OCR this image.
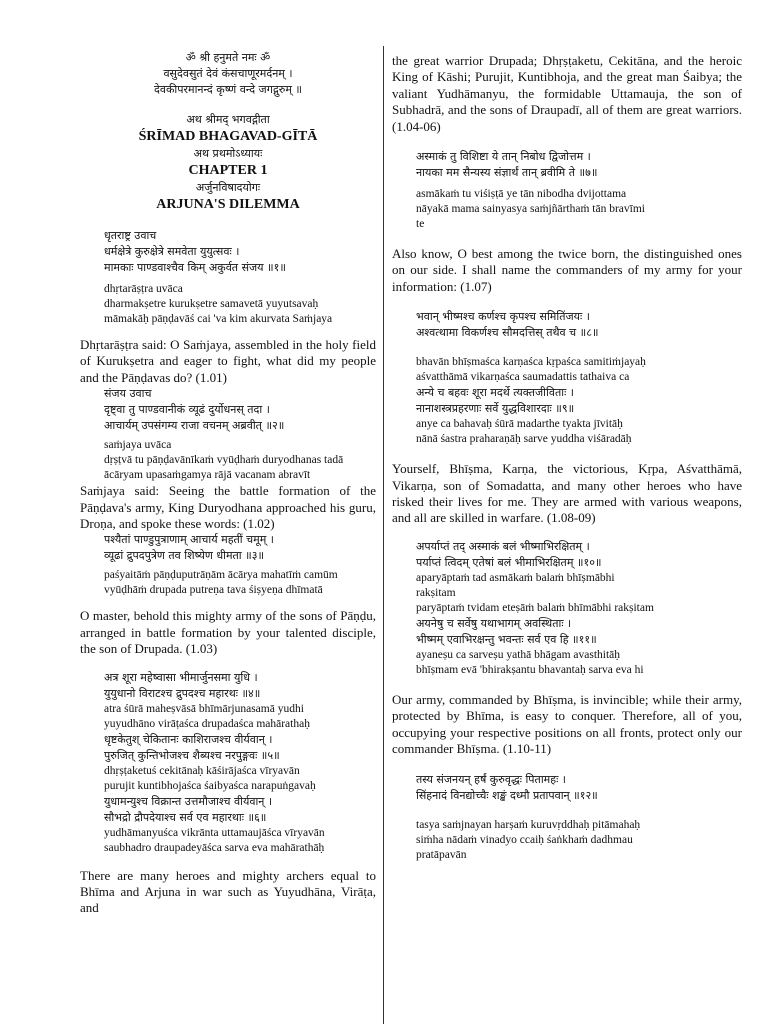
ॐ श्री हनुमते नमः ॐ
वसुदेवसुतं देवं कंसचाणूरमर्दनम् ।
देवकीपरमानन्दं कृष्णं वन्दे जगद्गुरुम् ॥
अथ श्रीमद् भगवद्गीता
ŚRĪMAD BHAGAVAD-GĪTĀ
अथ प्रथमोऽध्यायः
CHAPTER 1
अर्जुनविषादयोगः
ARJUNA'S DILEMMA
धृतराष्ट्र उवाच
धर्मक्षेत्रे कुरुक्षेत्रे समवेता युयुत्सवः ।
मामकाः पाण्डवाश्चैव किम् अकुर्वत संजय ॥१॥
dhṛtarāṣṭra uvāca
dharmakṣetre kurukṣetre samavetā yuyutsavaḥ
māmakāḥ pāṇḍavāś cai 'va kim akurvata Saṁjaya

Dhṛtarāṣṭra said: O Saṁjaya, assembled in the holy field of Kurukṣetra and eager to fight, what did my people and the Pāṇḍavas do? (1.01)

संजय उवाच
दृष्ट्वा तु पाण्डवानीकं व्यूढं दुर्योधनस् तदा ।
आचार्यम् उपसंगम्य राजा वचनम् अब्रवीत् ॥२॥
saṁjaya uvāca
dṛṣṭvā tu pāṇḍavānīkaṁ vyūḍhaṁ duryodhanas tadā
ācāryam upasaṁgamya rājā vacanam abravīt

Saṁjaya said: Seeing the battle formation of the Pāṇḍava's army, King Duryodhana approached his guru, Droṇa, and spoke these words: (1.02)

पश्यैतां पाण्डुपुत्राणाम् आचार्य महतीं चमूम् ।
व्यूढां द्रुपदपुत्रेण तव शिष्येण धीमता ॥३॥
paśyaitāṁ pāṇḍuputrāṇām ācārya mahatīṁ camūm
vyūḍhāṁ drupada putreṇa tava śiṣyeṇa dhīmatā

O master, behold this mighty army of the sons of Pāṇḍu, arranged in battle formation by your talented disciple, the son of Drupada. (1.03)

अत्र शूरा महेष्वासा भीमार्जुनसमा युधि ।
युयुधानो विराटश्च द्रुपदश्च महारथः ॥४॥
atra śūrā maheṣvāsā bhīmārjunasamā yudhi
yuyudhāno virāṭaśca drupadaśca mahārathaḥ
धृष्टकेतुश् चेकितानः काशिराजश्च वीर्यवान् ।
पुरुजित् कुन्तिभोजश्च शैब्यश्च नरपुङ्गवः ॥५॥
dhṛṣṭaketuś cekitānaḥ kāśirājaśca vīryavān
purujit kuntibhojaśca śaibyaśca narapuṅgavaḥ
युधामन्युश्च विक्रान्त उत्तमौजाश्च वीर्यवान् ।
सौभद्रो द्रौपदेयाश्च सर्व एव महारथाः ॥६॥
yudhāmanyuśca vikrānta uttamaujāśca vīryavān
saubhadro draupadeyāśca sarva eva mahārathāḥ

There are many heroes and mighty archers equal to Bhīma and Arjuna in war such as Yuyudhāna, Virāṭa, and

the great warrior Drupada; Dhṛṣṭaketu, Cekitāna, and the heroic King of Kāshi; Purujit, Kuntibhoja, and the great man Śaibya; the valiant Yudhāmanyu, the formidable Uttamauja, the son of Subhadrā, and the sons of Draupadī, all of them are great warriors. (1.04-06)

अस्माकं तु विशिष्टा ये तान् निबोध द्विजोत्तम ।
नायका मम सैन्यस्य संज्ञार्थं तान् ब्रवीमि ते ॥७॥
asmākaṁ tu viśiṣṭā ye tān nibodha dvijottama
nāyakā mama sainyasya saṁjñārthaṁ tān bravīmi
te

Also know, O best among the twice born, the distinguished ones on our side. I shall name the commanders of my army for your information: (1.07)

भवान् भीष्मश्च कर्णश्च कृपश्च समितिंजयः ।
अश्वत्थामा विकर्णश्च सौमदत्तिस् तथैव च ॥८॥
bhavān bhīṣmaśca karṇaśca kṛpaśca samitiṁjayaḥ
aśvatthāmā vikarṇaśca saumadattis tathaiva ca
अन्ये च बहवः शूरा मदर्थे त्यक्तजीविताः ।
नानाशस्त्रप्रहरणाः सर्वे युद्धविशारदाः ॥९॥
anye ca bahavaḥ śūrā madarthe tyakta jīvitāḥ
nānā śastra praharaṇāḥ sarve yuddha viśāradāḥ

Yourself, Bhīṣma, Karṇa, the victorious, Kṛpa, Aśvatthāmā, Vikarṇa, son of Somadatta, and many other heroes who have risked their lives for me. They are armed with various weapons, and all are skilled in warfare. (1.08-09)

अपर्याप्तं तद् अस्माकं बलं भीष्माभिरक्षितम् ।
पर्याप्तं त्विदम् एतेषां बलं भीमाभिरक्षितम् ॥१०॥
aparyāptaṁ tad asmākaṁ balaṁ bhīṣmābhi
rakṣitam
paryāptaṁ tvidam eteṣāṁ balaṁ bhīmābhi rakṣitam
अयनेषु च सर्वेषु यथाभागम् अवस्थिताः ।
भीष्मम् एवाभिरक्षन्तु भवन्तः सर्व एव हि ॥११॥
ayaneṣu ca sarveṣu yathā bhāgam avasthitāḥ
bhīṣmam evā 'bhirakṣantu bhavantaḥ sarva eva hi

Our army, commanded by Bhīṣma, is invincible; while their army, protected by Bhīma, is easy to conquer. Therefore, all of you, occupying your respective positions on all fronts, protect only our commander Bhīṣma. (1.10-11)

तस्य संजनयन् हर्षं कुरुवृद्धः पितामहः ।
सिंहनादं विनद्योच्चैः शङ्खं दध्मौ प्रतापवान् ॥१२॥
tasya saṁjnayan harṣaṁ kuruvṛddhaḥ pitāmahaḥ
siṁha nādaṁ vinadyo ccaiḥ śaṅkhaṁ dadhmau
pratāpavān
